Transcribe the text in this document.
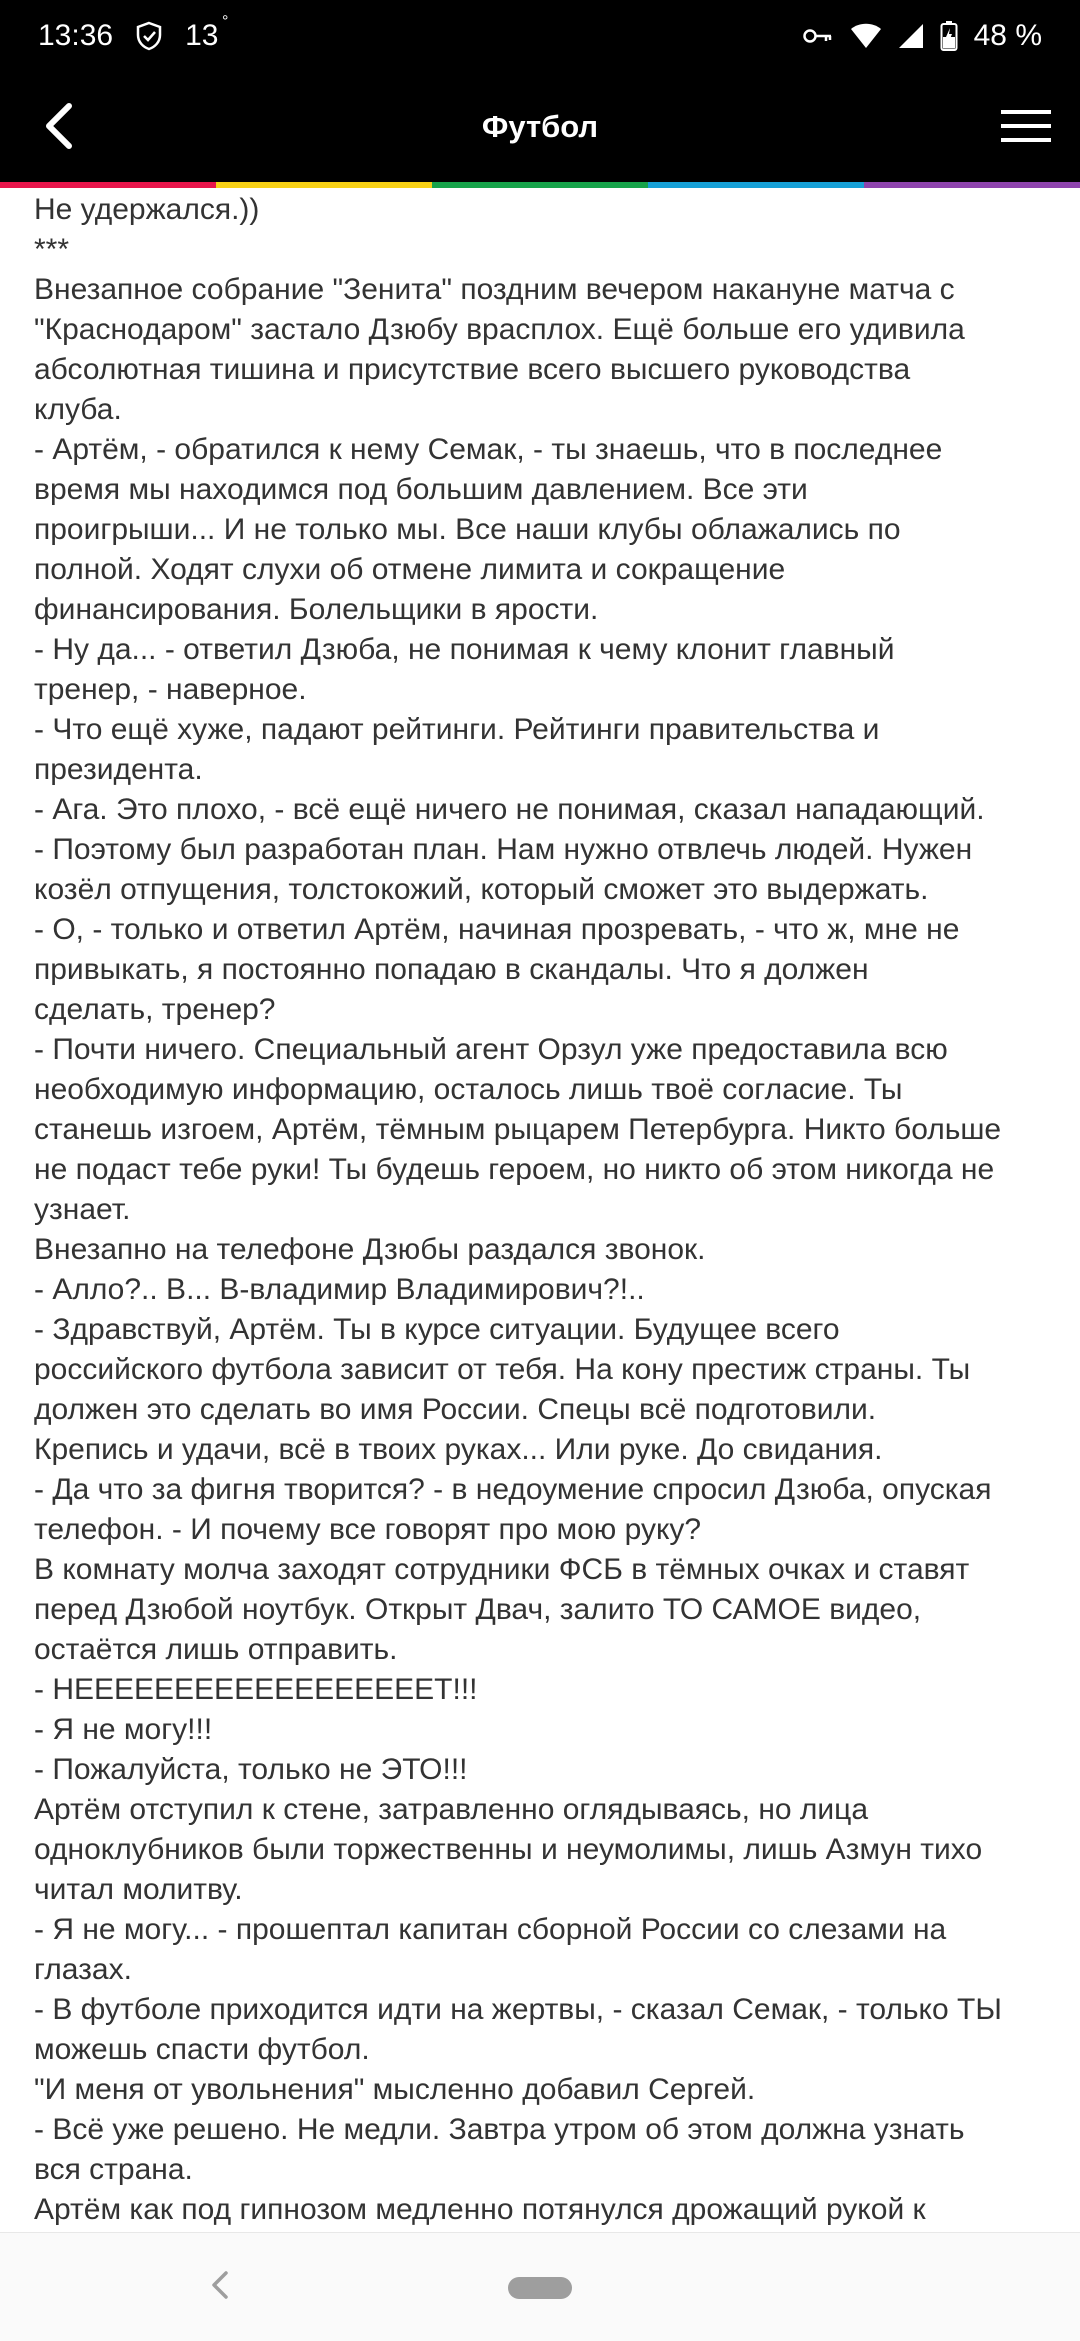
13:36 13 °	48 %
Футбол
Не удержался.))
***
Внезапное собрание "Зенита" поздним вечером накануне матча с
"Краснодаром" застало Дзюбу врасплох. Ещё больше его удивила
абсолютная тишина и присутствие всего высшего руководства
клуба.
- Артём, - обратился к нему Семак, - ты знаешь, что в последнее
время мы находимся под большим давлением. Все эти
проигрыши... И не только мы. Все наши клубы облажались по
полной. Ходят слухи об отмене лимита и сокращение
финансирования. Болельщики в ярости.
- Ну да... - ответил Дзюба, не понимая к чему клонит главный
тренер, - наверное.
- Что ещё хуже, падают рейтинги. Рейтинги правительства и
президента.
- Ага. Это плохо, - всё ещё ничего не понимая, сказал нападающий.
- Поэтому был разработан план. Нам нужно отвлечь людей. Нужен
козёл отпущения, толстокожий, который сможет это выдержать.
- О, - только и ответил Артём, начиная прозревать, - что ж, мне не
привыкать, я постоянно попадаю в скандалы. Что я должен
сделать, тренер?
- Почти ничего. Специальный агент Орзул уже предоставила всю
необходимую информацию, осталось лишь твоё согласие. Ты
станешь изгоем, Артём, тёмным рыцарем Петербурга. Никто больше
не подаст тебе руки! Ты будешь героем, но никто об этом никогда не
узнает.
Внезапно на телефоне Дзюбы раздался звонок.
- Алло?.. В... В-владимир Владимирович?!..
- Здравствуй, Артём. Ты в курсе ситуации. Будущее всего
российского футбола зависит от тебя. На кону престиж страны. Ты
должен это сделать во имя России. Спецы всё подготовили.
Крепись и удачи, всё в твоих руках... Или руке. До свидания.
- Да что за фигня творится? - в недоумение спросил Дзюба, опуская
телефон. - И почему все говорят про мою руку?
В комнату молча заходят сотрудники ФСБ в тёмных очках и ставят
перед Дзюбой ноутбук. Открыт Двач, залито ТО САМОЕ видео,
остаётся лишь отправить.
- НЕЕЕЕЕЕЕЕЕЕЕЕЕЕЕЕЕЕТ!!!
- Я не могу!!!
- Пожалуйста, только не ЭТО!!!
Артём отступил к стене, затравленно оглядываясь, но лица
одноклубников были торжественны и неумолимы, лишь Азмун тихо
читал молитву.
- Я не могу... - прошептал капитан сборной России со слезами на
глазах.
- В футболе приходится идти на жертвы, - сказал Семак, - только ТЫ
можешь спасти футбол.
"И меня от увольнения" мысленно добавил Сергей.
- Всё уже решено. Не медли. Завтра утром об этом должна узнать
вся страна.
Артём как под гипнозом медленно потянулся дрожащий рукой к
